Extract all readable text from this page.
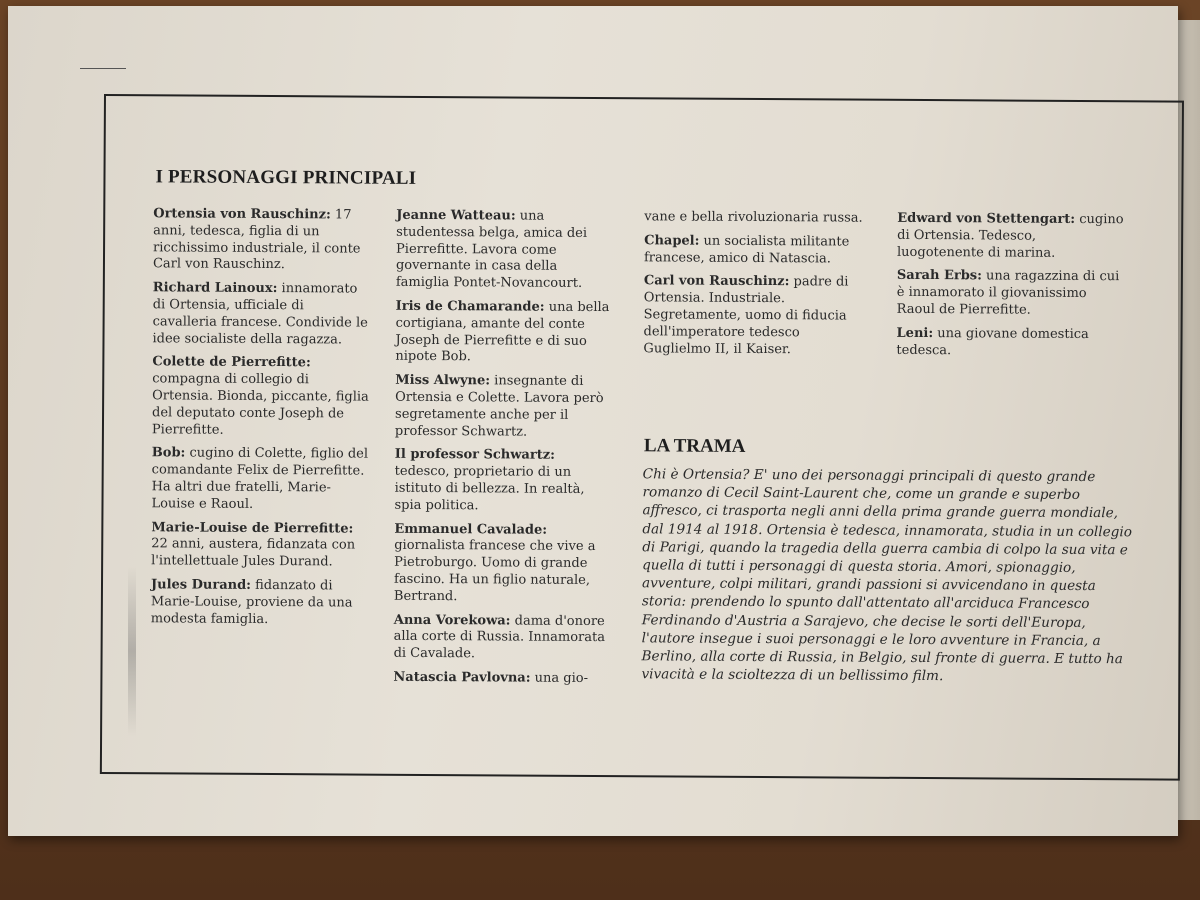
I PERSONAGGI PRINCIPALI

Ortensia von Rauschinz: 17 anni, tedesca, figlia di un ricchissimo industriale, il conte Carl von Rauschinz.

Richard Lainoux: innamorato di Ortensia, ufficiale di cavalleria francese. Condivide le idee socialiste della ragazza.

Colette de Pierrefitte: compagna di collegio di Ortensia. Bionda, piccante, figlia del deputato conte Joseph de Pierrefitte.

Bob: cugino di Colette, figlio del comandante Felix de Pierrefitte. Ha altri due fratelli, Marie-Louise e Raoul.

Marie-Louise de Pierrefitte: 22 anni, austera, fidanzata con l'intellettuale Jules Durand.

Jules Durand: fidanzato di Marie-Louise, proviene da una modesta famiglia.

Jeanne Watteau: una studentessa belga, amica dei Pierrefitte. Lavora come governante in casa della famiglia Pontet-Novancourt.

Iris de Chamarande: una bella cortigiana, amante del conte Joseph de Pierrefitte e di suo nipote Bob.

Miss Alwyne: insegnante di Ortensia e Colette. Lavora però segretamente anche per il professor Schwartz.

Il professor Schwartz: tedesco, proprietario di un istituto di bellezza. In realtà, spia politica.

Emmanuel Cavalade: giornalista francese che vive a Pietroburgo. Uomo di grande fascino. Ha un figlio naturale, Bertrand.

Anna Vorekowa: dama d'onore alla corte di Russia. Innamorata di Cavalade.

Natascia Pavlovna: una gio-

vane e bella rivoluzionaria russa.

Chapel: un socialista militante francese, amico di Natascia.

Carl von Rauschinz: padre di Ortensia. Industriale. Segretamente, uomo di fiducia dell'imperatore tedesco Guglielmo II, il Kaiser.

Edward von Stettengart: cugino di Ortensia. Tedesco, luogotenente di marina.

Sarah Erbs: una ragazzina di cui è innamorato il giovanissimo Raoul de Pierrefitte.

Leni: una giovane domestica tedesca.

LA TRAMA

Chi è Ortensia? E' uno dei personaggi principali di questo grande romanzo di Cecil Saint-Laurent che, come un grande e superbo affresco, ci trasporta negli anni della prima grande guerra mondiale, dal 1914 al 1918. Ortensia è tedesca, innamorata, studia in un collegio di Parigi, quando la tragedia della guerra cambia di colpo la sua vita e quella di tutti i personaggi di questa storia. Amori, spionaggio, avventure, colpi militari, grandi passioni si avvicendano in questa storia: prendendo lo spunto dall'attentato all'arciduca Francesco Ferdinando d'Austria a Sarajevo, che decise le sorti dell'Europa, l'autore insegue i suoi personaggi e le loro avventure in Francia, a Berlino, alla corte di Russia, in Belgio, sul fronte di guerra. E tutto ha vivacità e la scioltezza di un bellissimo film.
